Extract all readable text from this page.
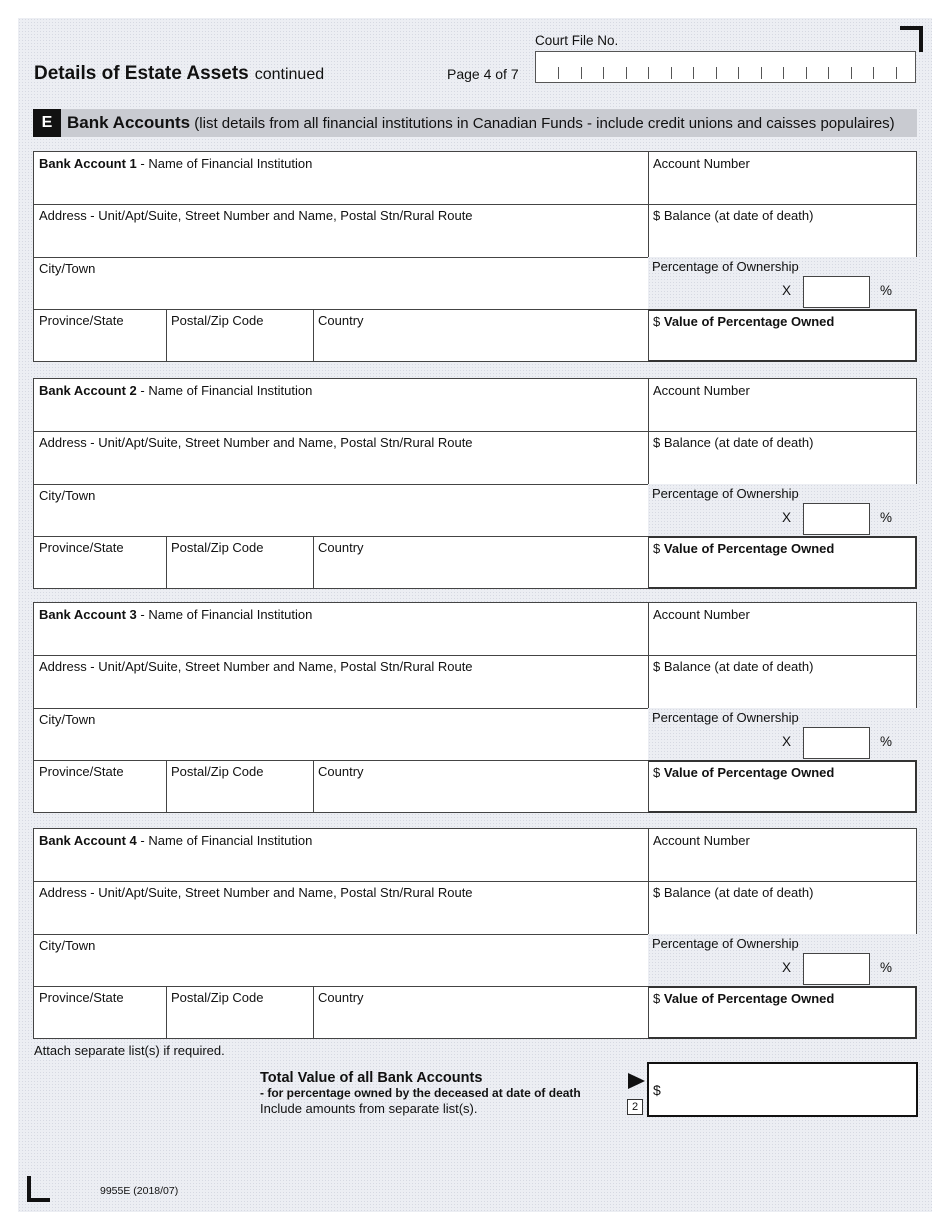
Details of Estate Assets continued	Page 4 of 7
Court File No.
E Bank Accounts (list details from all financial institutions in Canadian Funds - include credit unions and caisses populaires)
Bank Account 1 - Name of Financial Institution	Account Number
Address - Unit/Apt/Suite, Street Number and Name, Postal Stn/Rural Route	$ Balance (at date of death)
City/Town	Percentage of Ownership
X	%
Province/State	Postal/Zip Code	Country	$ Value of Percentage Owned
Bank Account 2 - Name of Financial Institution	Account Number
Address - Unit/Apt/Suite, Street Number and Name, Postal Stn/Rural Route	$ Balance (at date of death)
City/Town	Percentage of Ownership
X	%
Province/State	Postal/Zip Code	Country	$ Value of Percentage Owned
Bank Account 3 - Name of Financial Institution	Account Number
Address - Unit/Apt/Suite, Street Number and Name, Postal Stn/Rural Route	$ Balance (at date of death)
City/Town	Percentage of Ownership
X	%
Province/State	Postal/Zip Code	Country	$ Value of Percentage Owned
Bank Account 4 - Name of Financial Institution	Account Number
Address - Unit/Apt/Suite, Street Number and Name, Postal Stn/Rural Route	$ Balance (at date of death)
City/Town	Percentage of Ownership
X	%
Province/State	Postal/Zip Code	Country	$ Value of Percentage Owned
Attach separate list(s) if required.
Total Value of all Bank Accounts
- for percentage owned by the deceased at date of death
Include amounts from separate list(s).	2
$
9955E (2018/07)
